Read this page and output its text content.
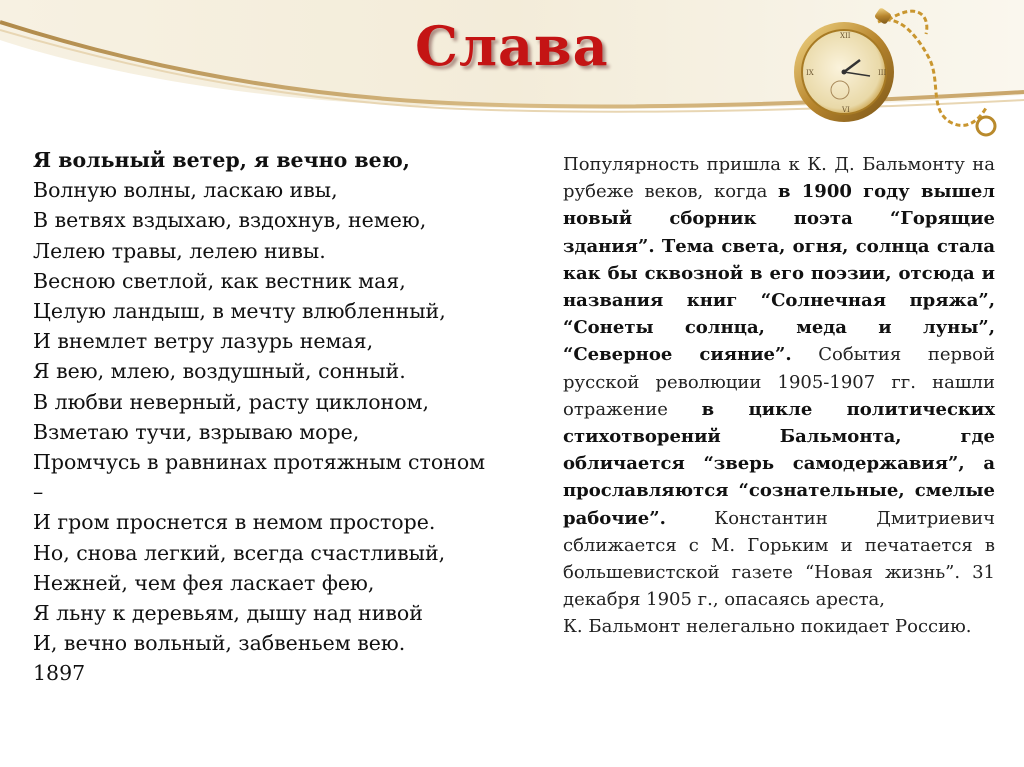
Слава	XII
III
VI
IX
Я вольный ветер, я вечно вею,
Волную волны, ласкаю ивы,
В ветвях вздыхаю, вздохнув, немею,
Лелею травы, лелею нивы.
Весною светлой, как вестник мая,
Целую ландыш, в мечту влюбленный,
И внемлет ветру лазурь немая,
Я вею, млею, воздушный, сонный.
В любви неверный, расту циклоном,
Взметаю тучи, взрываю море,
Промчусь в равнинах протяжным стоном
–
И гром проснется в немом просторе.
Но, снова легкий, всегда счастливый,
Нежней, чем фея ласкает фею,
Я льну к деревьям, дышу над нивой
И, вечно вольный, забвеньем вею.
1897
Популярность пришла к К. Д. Бальмонту на рубеже веков, когда в 1900 году вышел новый сборник поэта “Горящие здания”. Тема света, огня, солнца стала как бы сквозной в его поэзии, отсюда и названия книг “Солнечная пряжа”, “Сонеты солнца, меда и луны”, “Северное сияние”. События первой русской революции 1905-1907 гг. нашли отражение в цикле политических стихотворений Бальмонта, где обличается “зверь самодержавия”, а прославляются “сознательные, смелые рабочие”. Константин Дмитриевич сближается с М. Горьким и печатается в большевистской газете “Новая жизнь”. 31 декабря 1905 г., опасаясь ареста,
К. Бальмонт нелегально покидает Россию.
